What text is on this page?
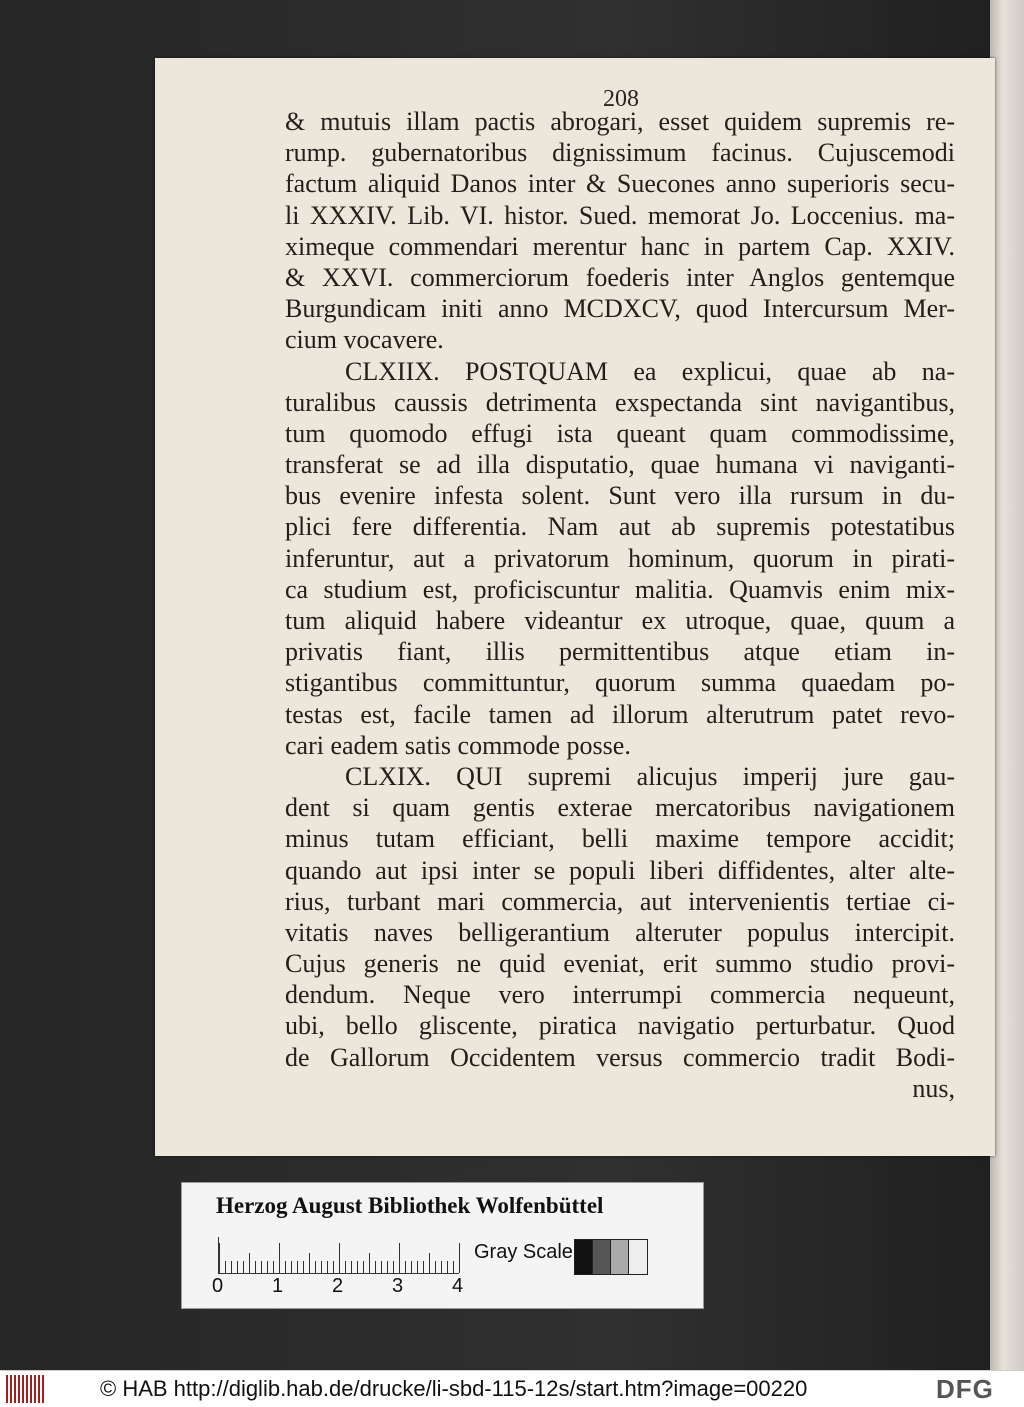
208
& mutuis illam pactis abrogari, esset quidem supremis re-
rump. gubernatoribus dignissimum facinus. Cujuscemodi
factum aliquid Danos inter & Suecones anno superioris secu-
li XXXIV. Lib. VI. histor. Sued. memorat Jo. Loccenius. ma-
ximeque commendari merentur hanc in partem Cap. XXIV.
& XXVI. commerciorum foederis inter Anglos gentemque
Burgundicam initi anno MCDXCV, quod Intercursum Mer-
cium vocavere.
CLXIIX. POSTQUAM ea explicui, quae ab na-
turalibus caussis detrimenta exspectanda sint navigantibus,
tum quomodo effugi ista queant quam commodissime,
transferat se ad illa disputatio, quae humana vi naviganti-
bus evenire infesta solent. Sunt vero illa rursum in du-
plici fere differentia. Nam aut ab supremis potestatibus
inferuntur, aut a privatorum hominum, quorum in pirati-
ca studium est, proficiscuntur malitia. Quamvis enim mix-
tum aliquid habere videantur ex utroque, quae, quum a
privatis fiant, illis permittentibus atque etiam in-
stigantibus committuntur, quorum summa quaedam po-
testas est, facile tamen ad illorum alterutrum patet revo-
cari eadem satis commode posse.
CLXIX. QUI supremi alicujus imperij jure gau-
dent si quam gentis exterae mercatoribus navigationem
minus tutam efficiant, belli maxime tempore accidit;
quando aut ipsi inter se populi liberi diffidentes, alter alte-
rius, turbant mari commercia, aut intervenientis tertiae ci-
vitatis naves belligerantium alteruter populus intercipit.
Cujus generis ne quid eveniat, erit summo studio provi-
dendum. Neque vero interrumpi commercia nequeunt,
ubi, bello gliscente, piratica navigatio perturbatur. Quod
de Gallorum Occidentem versus commercio tradit Bodi-
nus,
Herzog August Bibliothek Wolfenbüttel
0 1 2 3 4
Gray Scale
© HAB http://diglib.hab.de/drucke/li-sbd-115-12s/start.htm?image=00220	DFG
